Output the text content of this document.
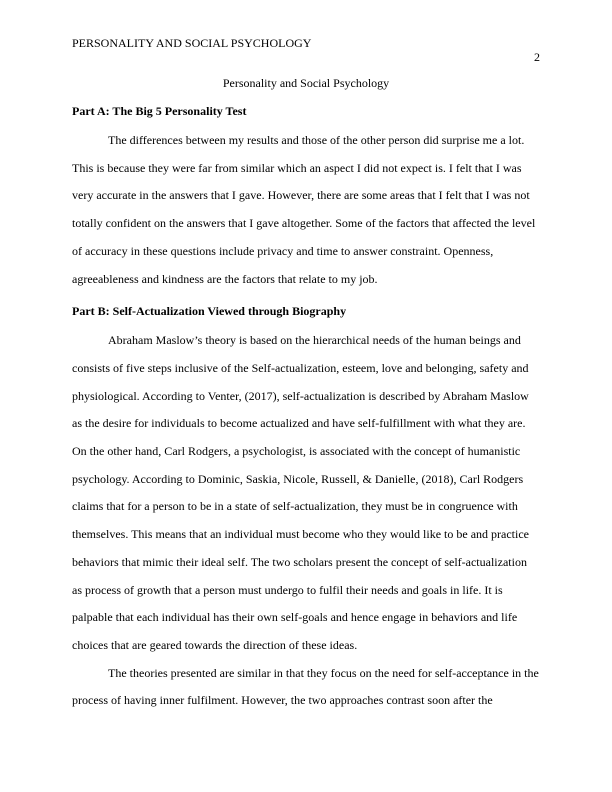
PERSONALITY AND SOCIAL PSYCHOLOGY
2
Personality and Social Psychology
Part A: The Big 5 Personality Test

The differences between my results and those of the other person did surprise me a lot.
This is because they were far from similar which an aspect I did not expect is. I felt that I was
very accurate in the answers that I gave. However, there are some areas that I felt that I was not
totally confident on the answers that I gave altogether. Some of the factors that affected the level
of accuracy in these questions include privacy and time to answer constraint. Openness,
agreeableness and kindness are the factors that relate to my job.

Part B: Self-Actualization Viewed through Biography

Abraham Maslow’s theory is based on the hierarchical needs of the human beings and
consists of five steps inclusive of the Self-actualization, esteem, love and belonging, safety and
physiological. According to Venter, (2017), self-actualization is described by Abraham Maslow
as the desire for individuals to become actualized and have self-fulfillment with what they are.
On the other hand, Carl Rodgers, a psychologist, is associated with the concept of humanistic
psychology. According to Dominic, Saskia, Nicole, Russell, & Danielle, (2018), Carl Rodgers
claims that for a person to be in a state of self-actualization, they must be in congruence with
themselves. This means that an individual must become who they would like to be and practice
behaviors that mimic their ideal self. The two scholars present the concept of self-actualization
as process of growth that a person must undergo to fulfil their needs and goals in life. It is
palpable that each individual has their own self-goals and hence engage in behaviors and life
choices that are geared towards the direction of these ideas.

The theories presented are similar in that they focus on the need for self-acceptance in the
process of having inner fulfilment. However, the two approaches contrast soon after the
